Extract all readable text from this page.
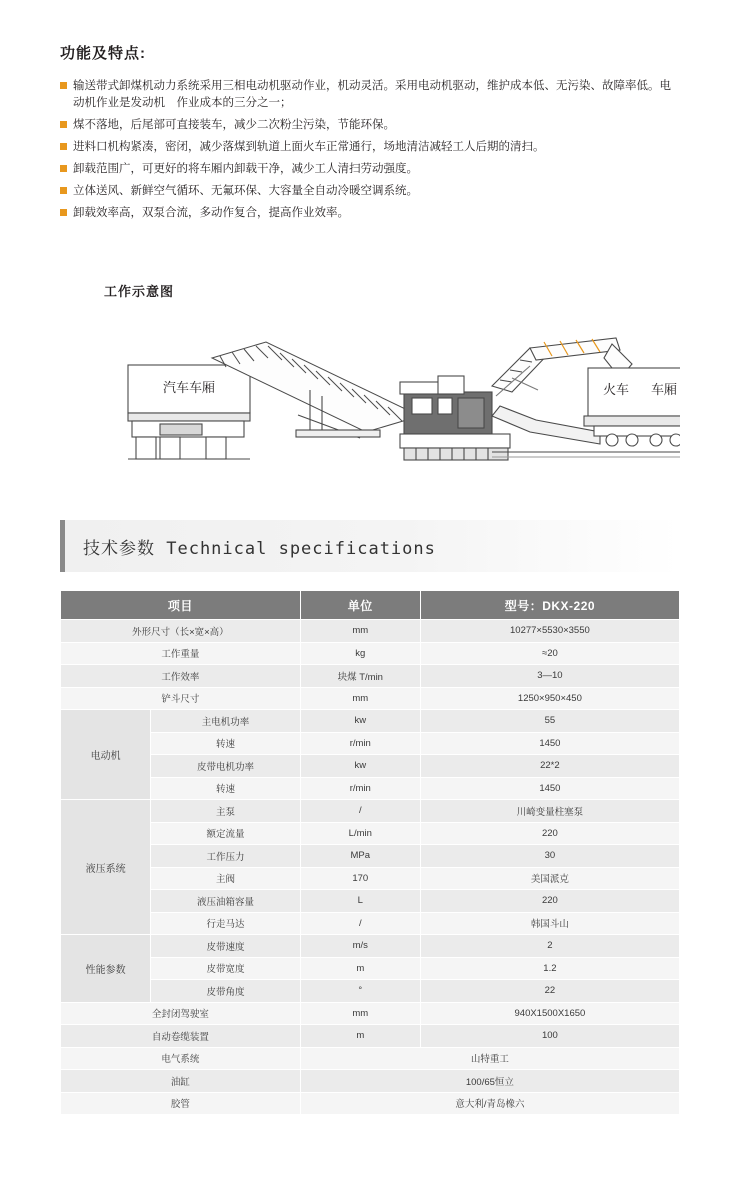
功能及特点:
输送带式卸煤机动力系统采用三相电动机驱动作业，机动灵活。采用电动机驱动，维护成本低、无污染、故障率低。电动机作业是发动机　作业成本的三分之一；
煤不落地，后尾部可直接装车，减少二次粉尘污染，节能环保。
进料口机构紧凑，密闭，减少落煤到轨道上面火车正常通行，场地清洁减轻工人后期的清扫。
卸载范围广，可更好的将车厢内卸载干净，减少工人清扫劳动强度。
立体送风、新鲜空气循环、无氟环保、大容量全自动冷暖空调系统。
卸载效率高，双泵合流，多动作复合，提高作业效率。
工作示意图
汽车车厢	火车 车厢
技术参数 Technical specifications
项目		单位	型号：DKX-220
外形尺寸（长×宽×高）		mm	10277×5530×3550
工作重量		kg	≈20
工作效率		块煤 T/min	3—10
铲斗尺寸		mm	1250×950×450
电动机	主电机功率	kw	55
	转速	r/min	1450
	皮带电机功率	kw	22*2
	转速	r/min	1450
液压系统	主泵	/	川崎变量柱塞泵
	额定流量	L/min	220
	工作压力	MPa	30
	主阀	170	美国派克
	液压油箱容量	L	220
	行走马达	/	韩国斗山
性能参数	皮带速度	m/s	2
	皮带宽度	m	1.2
	皮带角度	°	22
全封闭驾驶室		mm	940X1500X1650
自动卷缆装置		m	100
电气系统		山特重工	
油缸		100/65恒立	
胶管		意大利/青岛橡六	
